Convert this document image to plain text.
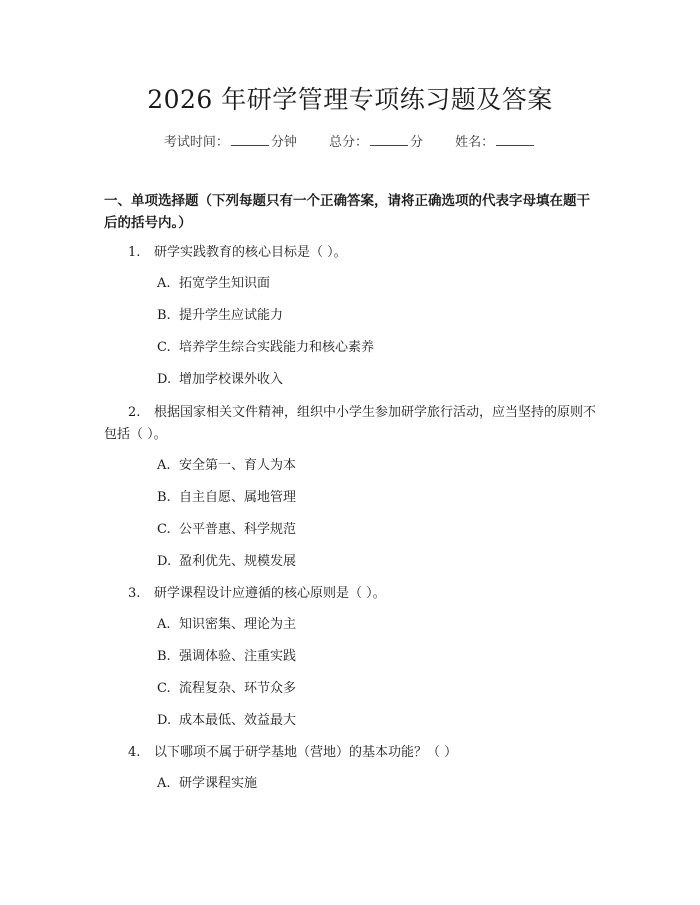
2026 年研学管理专项练习题及答案
考试时间：	分钟 总分：	分 姓名：

一、单项选择题（下列每题只有一个正确答案，请将正确选项的代表字母填在题干后的括号内。）

1. 研学实践教育的核心目标是（ ）。
A. 拓宽学生知识面
B. 提升学生应试能力
C. 培养学生综合实践能力和核心素养
D. 增加学校课外收入
2. 根据国家相关文件精神，组织中小学生参加研学旅行活动，应当坚持的原则不包括（ ）。
A. 安全第一、育人为本
B. 自主自愿、属地管理
C. 公平普惠、科学规范
D. 盈利优先、规模发展
3. 研学课程设计应遵循的核心原则是（ ）。
A. 知识密集、理论为主
B. 强调体验、注重实践
C. 流程复杂、环节众多
D. 成本最低、效益最大
4. 以下哪项不属于研学基地（营地）的基本功能？（ ）
A. 研学课程实施
